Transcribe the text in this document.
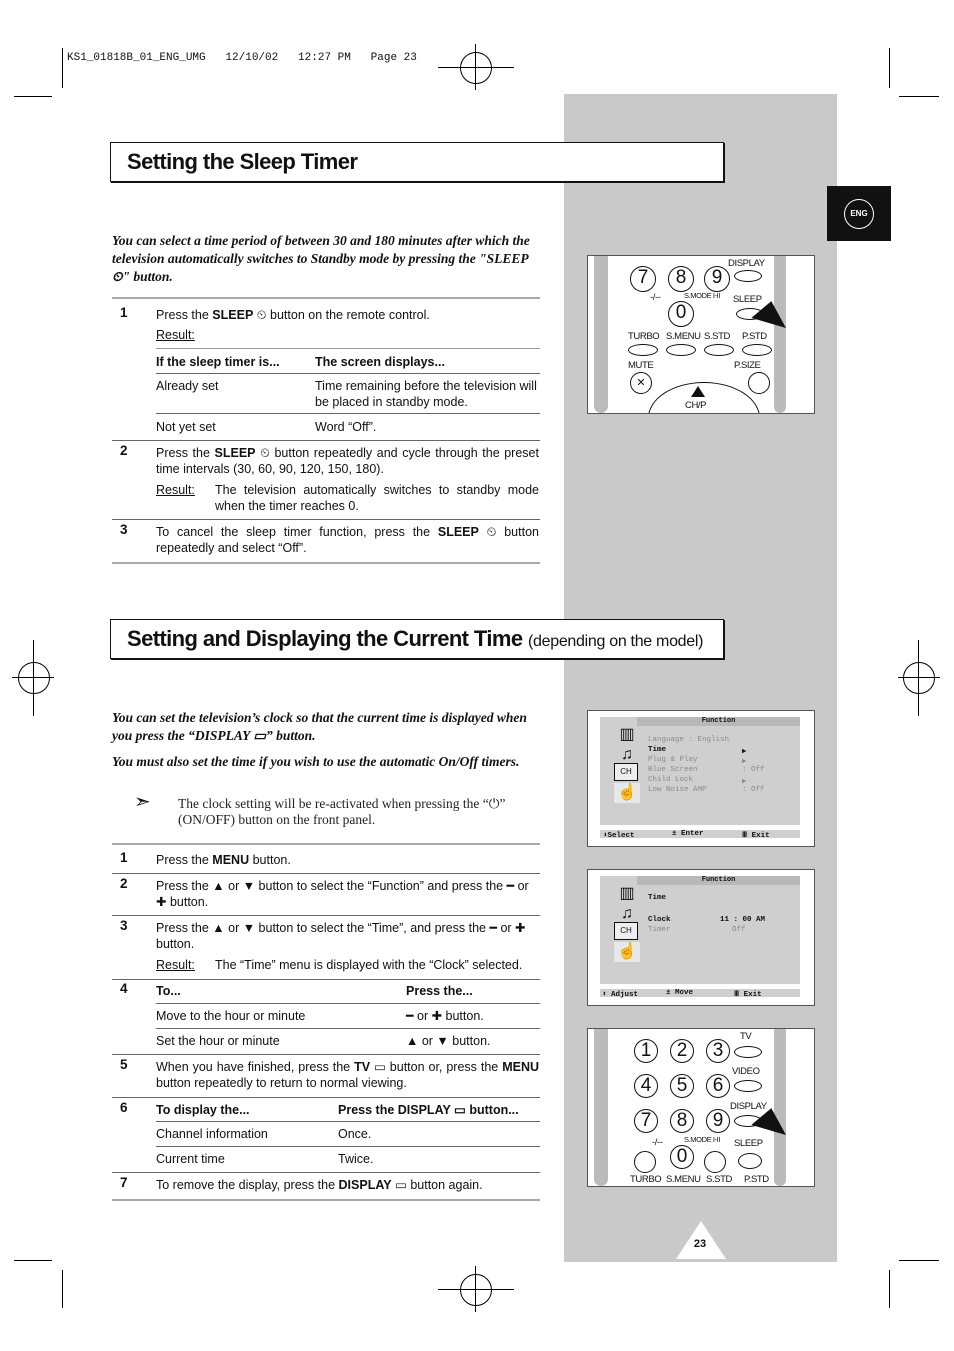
KS1_01818B_01_ENG_UMG   12/10/02   12:27 PM   Page 23
ENG
Setting the Sleep Timer
You can select a time period of between 30 and 180 minutes after which the television automatically switches to Standby mode by pressing the "SLEEP ⏲" button.
1 Press the SLEEP ⏲ button on the remote control.
Result:
If the sleep timer is...	The screen displays...
Already set	Time remaining before the television will be placed in standby mode.
Not yet set	Word “Off”.
2 Press the SLEEP ⏲ button repeatedly and cycle through the preset time intervals (30, 60, 90, 120, 150, 180).
Result: The television automatically switches to standby mode when the timer reaches 0.
3 To cancel the sleep timer function, press the SLEEP ⏲ button repeatedly and select “Off”.
Setting and Displaying the Current Time (depending on the model)
You can set the television’s clock so that the current time is displayed when you press the “DISPLAY ▭” button.
You must also set the time if you wish to use the automatic On/Off timers.
➣ The clock setting will be re-activated when pressing the “⏻” (ON/OFF) button on the front panel.
1 Press the MENU button.
2 Press the ▲ or ▼ button to select the “Function” and press the ━ or ✚ button.
3 Press the ▲ or ▼ button to select the “Time”, and press the ━ or ✚ button.
Result: The “Time” menu is displayed with the “Clock” selected.
4 To...	Press the...
Move to the hour or minute	━ or ✚ button.
Set the hour or minute	▲ or ▼ button.
5 When you have finished, press the TV ▭ button or, press the MENU button repeatedly to return to normal viewing.
6 To display the...	Press the DISPLAY ▭ button...
Channel information	Once.
Current time	Twice.
7 To remove the display, press the DISPLAY ▭ button again.
7	8	9
DISPLAY
-/--
0
S.MODE I-II SLEEP
TURBO S.MENU S.STD P.STD
MUTE
✕
P.SIZE
CH/P
Function
▥
♫
CH
☝
Language : English
Time
Plug & Play
Blue Screen
Child Lock
Low Noise AMP
▶
▶
: Off
▶
: Off
⬍Select	± Enter	Ⅲ Exit
Function
▥
♫
CH
☝
Time
Clock	11 : 00 AM
Timer	Off
⬍ Adjust	± Move	Ⅲ Exit
1	2	3
TV
4	5	6
VIDEO
7	8	9
DISPLAY
-/--
0
S.MODE I-II SLEEP
TURBO S.MENU S.STD P.STD
23
